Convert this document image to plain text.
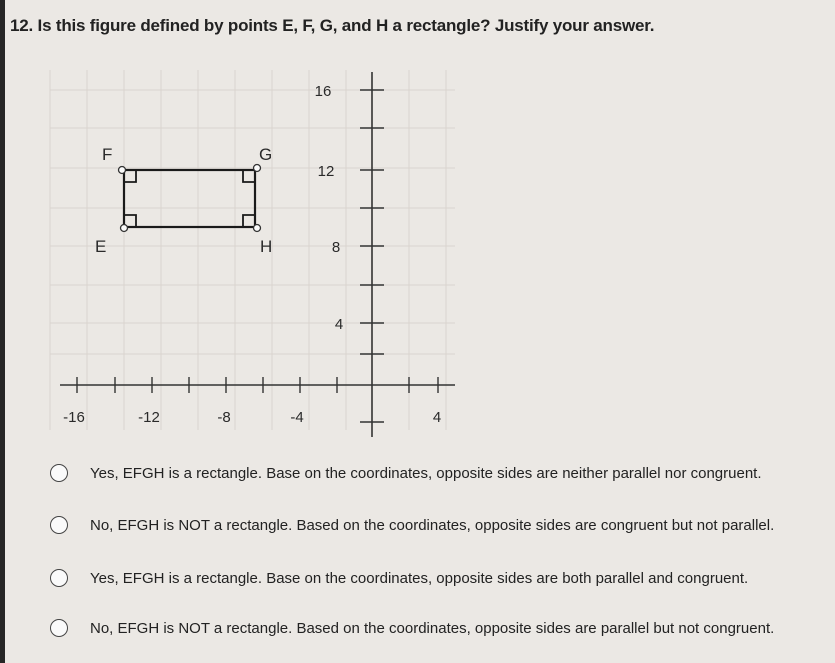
12. Is this figure defined by points E, F, G, and H a rectangle? Justify your answer.
-16	-12	-8	-4	4
16
12
8
4
F	G
E	H
Yes, EFGH is a rectangle. Base on the coordinates, opposite sides are neither parallel nor congruent.
No, EFGH is NOT a rectangle. Based on the coordinates, opposite sides are congruent but not parallel.
Yes, EFGH is a rectangle. Base on the coordinates, opposite sides are both parallel and congruent.
No, EFGH is NOT a rectangle. Based on the coordinates, opposite sides are parallel but not congruent.
